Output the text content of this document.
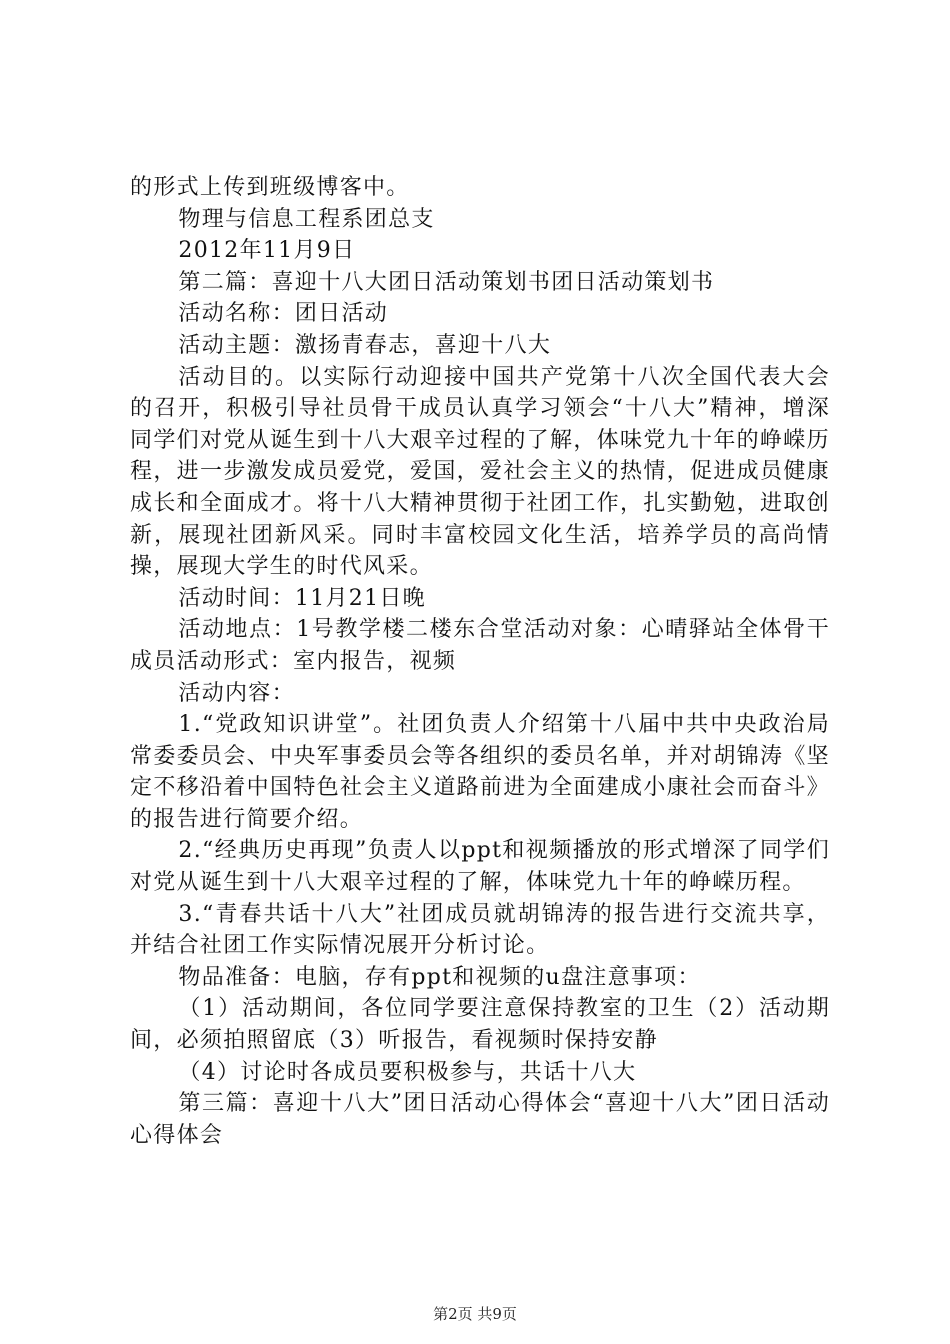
的形式上传到班级博客中。

物理与信息工程系团总支

2012年11月9日

第二篇：喜迎十八大团日活动策划书团日活动策划书

活动名称：团日活动

活动主题：激扬青春志，喜迎十八大

活动目的。以实际行动迎接中国共产党第十八次全国代表大会的召开，积极引导社员骨干成员认真学习领会“十八大”精神，增深同学们对党从诞生到十八大艰辛过程的了解，体味党九十年的峥嵘历程，进一步激发成员爱党，爱国，爱社会主义的热情，促进成员健康成长和全面成才。将十八大精神贯彻于社团工作，扎实勤勉，进取创新，展现社团新风采。同时丰富校园文化生活，培养学员的高尚情操，展现大学生的时代风采。

活动时间：11月21日晚

活动地点：1号教学楼二楼东合堂活动对象：心晴驿站全体骨干成员活动形式：室内报告，视频

活动内容：

1.“党政知识讲堂”。社团负责人介绍第十八届中共中央政治局常委委员会、中央军事委员会等各组织的委员名单，并对胡锦涛《坚定不移沿着中国特色社会主义道路前进为全面建成小康社会而奋斗》的报告进行简要介绍。

2.“经典历史再现”负责人以ppt和视频播放的形式增深了同学们对党从诞生到十八大艰辛过程的了解，体味党九十年的峥嵘历程。

3.“青春共话十八大”社团成员就胡锦涛的报告进行交流共享，并结合社团工作实际情况展开分析讨论。

物品准备：电脑，存有ppt和视频的u盘注意事项：

（1）活动期间，各位同学要注意保持教室的卫生（2）活动期间，必须拍照留底（3）听报告，看视频时保持安静

（4）讨论时各成员要积极参与，共话十八大

第三篇：喜迎十八大”团日活动心得体会“喜迎十八大”团日活动心得体会

第2页 共9页
